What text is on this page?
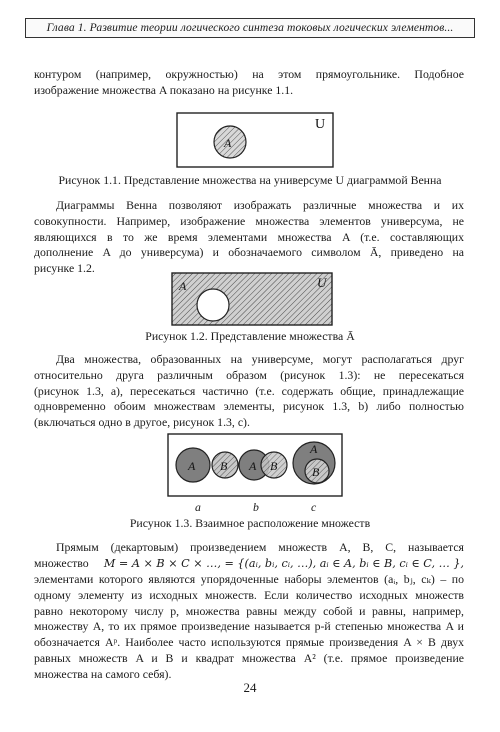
Глава 1. Развитие теории логического синтеза токовых логических элементов...
контуром (например, окружностью) на этом прямоугольнике. Подобное
изображение множества A показано на рисунке 1.1.
A
U
Рисунок 1.1. Представление множества на универсуме U диаграммой Венна
Диаграммы Венна позволяют изображать различные множества и их
совокупности. Например, изображение множества элементов универсума, не
являющихся в то же время элементами множества A (т.е. составляющих
дополнение A до универсума) и обозначаемого символом Ā, приведено на
рисунке 1.2.
A	U
Рисунок 1.2. Представление множества Ā
Два множества, образованных на универсуме, могут располагаться друг
относительно друга различным образом (рисунок 1.3): не пересекаться
(рисунок 1.3, a), пересекаться частично (т.е. содержать общие, принадлежащие
одновременно обоим множествам элементы, рисунок 1.3, b) либо полностью
(включаться одно в другое, рисунок 1.3, c).
A B A B
A
B
a	b	c
Рисунок 1.3. Взаимное расположение множеств
Прямым (декартовым) произведением множеств A, B, C, называется
множество M = A × B × C × …, = {(aᵢ, bᵢ, cᵢ, …), aᵢ ∈ A, bᵢ ∈ B, cᵢ ∈ C, … },
элементами которого являются упорядоченные наборы элементов (aᵢ, bⱼ, cₖ) – по
одному элементу из исходных множеств. Если количество исходных множеств
равно некоторому числу p, множества равны между собой и равны, например,
множеству A, то их прямое произведение называется p-й степенью множества A и
обозначается Aᵖ. Наиболее часто используются прямые произведения A × B двух
равных множеств A и B и квадрат множества A² (т.е. прямое произведение
множества на самого себя).
24
